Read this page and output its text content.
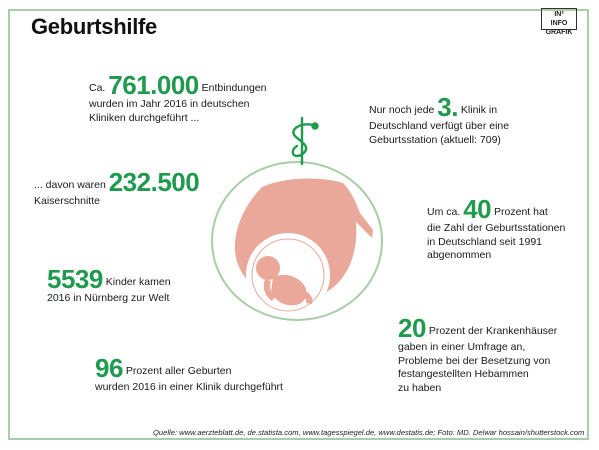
Geburtshilfe	IN²
INFO
GRAFIK
Ca. 761.000 Entbindungen
wurden im Jahr 2016 in deutschen
Kliniken durchgeführt ...
... davon waren 232.500
Kaiserschnitte
5539 Kinder kamen
2016 in Nürnberg zur Welt
96 Prozent aller Geburten
wurden 2016 in einer Klinik durchgeführt
Nur noch jede 3. Klinik in
Deutschland verfügt über eine
Geburtsstation (aktuell: 709)
Um ca. 40 Prozent hat
die Zahl der Geburtsstationen
in Deutschland seit 1991
abgenommen
20 Prozent der Krankenhäuser
gaben in einer Umfrage an,
Probleme bei der Besetzung von
festangestellten Hebammen
zu haben
Quelle: www.aerzteblatt.de, de.statista.com, www.tagesspiegel.de, www.destatis.de; Foto: MD. Delwar hossain/shutterstock.com
